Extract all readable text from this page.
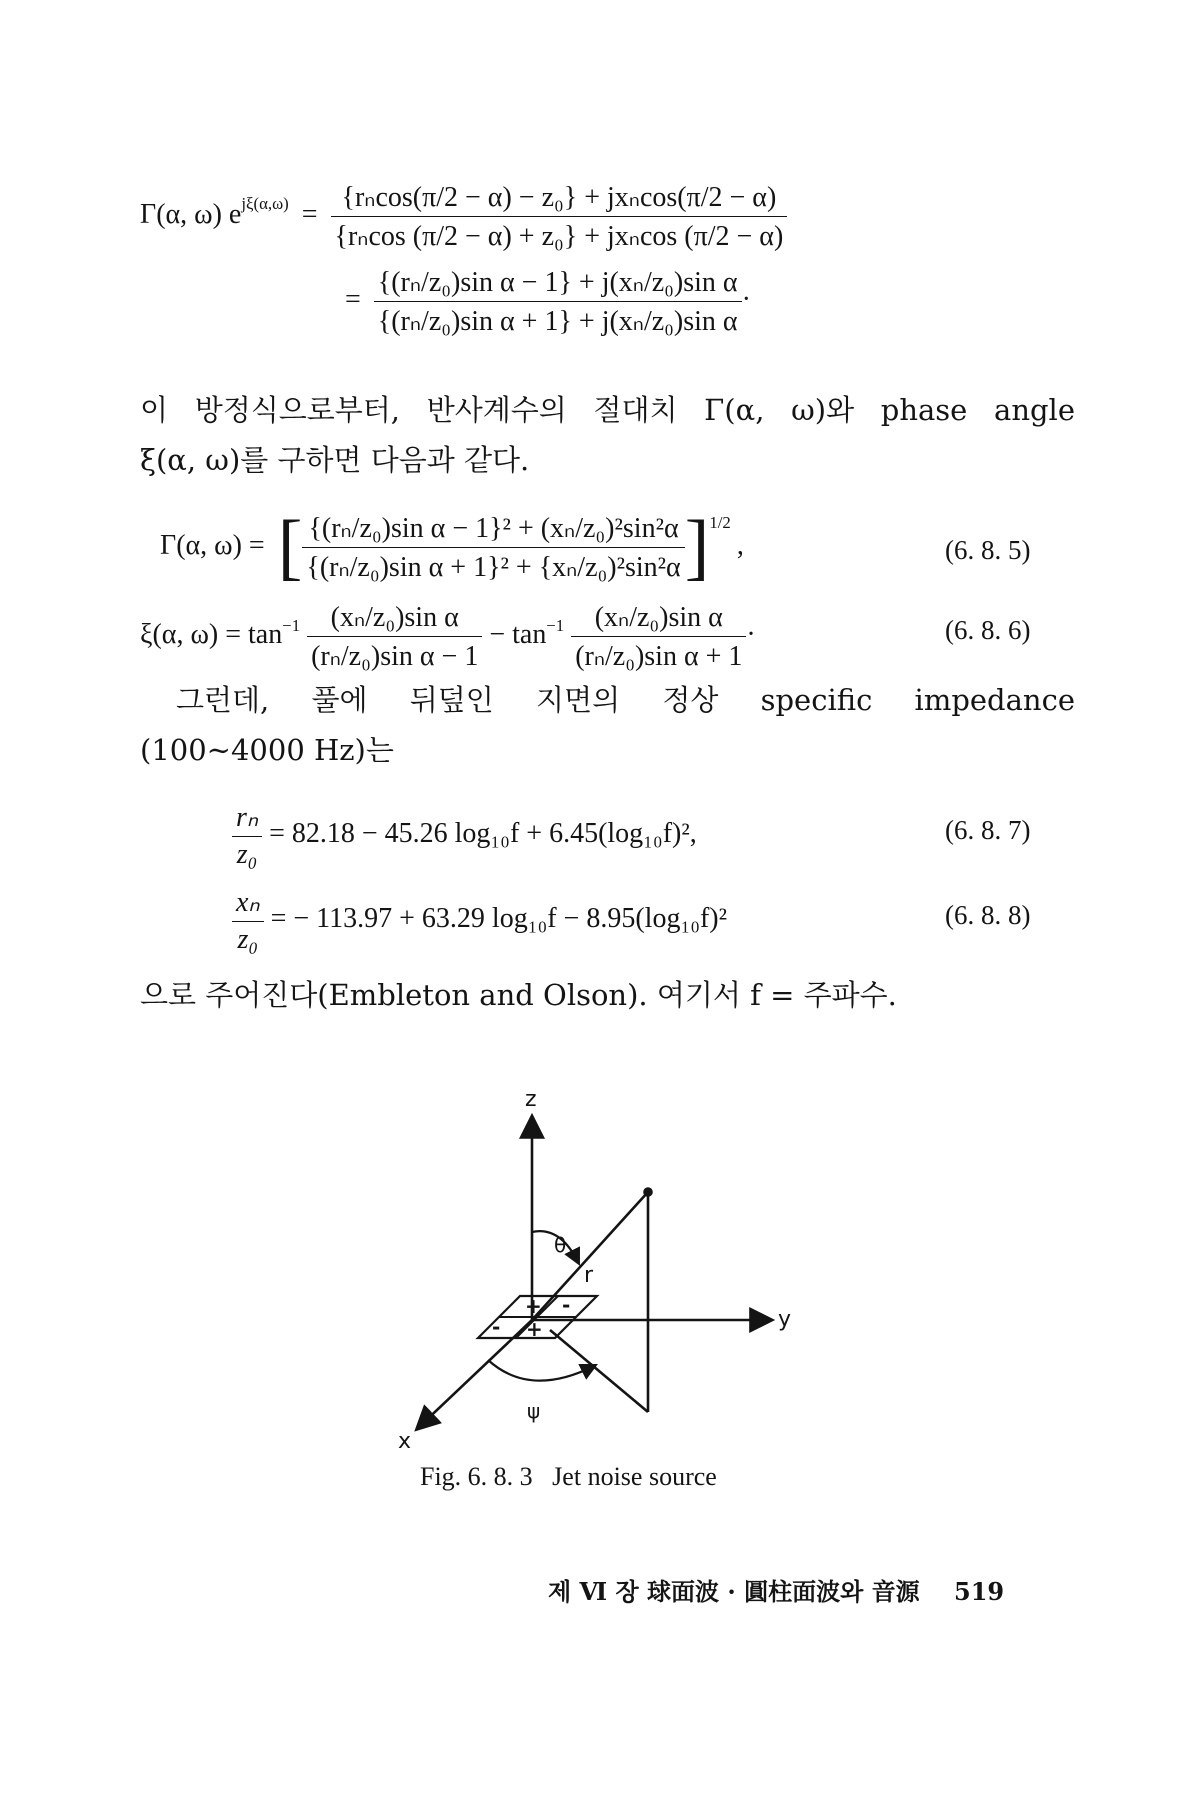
Γ(α, ω) $e^{j\xi(\alpha,\omega)} = \frac{\text{\{rₙcos(π/2 − α) − z₀\} + jxₙcos(π/2 − α)}}{\text{\{rₙcos (π/2 − α) + z₀\} + jxₙcos (π/2 − α)}}$
= $\frac{\text{\{(rₙ/z₀)sin α − 1\} + j(xₙ/z₀)sin α}}{\text{\{(rₙ/z₀)sin α + 1\} + j(xₙ/z₀)sin α}}$ ·
이 방정식으로부터, 반사계수의 절대치 Γ(α, ω)와 phase angle
ξ(α, ω)를 구하면 다음과 같다.
Γ(α, ω) = [ $\frac{\text{\{(rₙ/z₀)sin α − 1\}² + (xₙ/z₀)²sin²α}}{\text{\{(rₙ/z₀)sin α + 1\}² + \{xₙ/z₀)²sin²α}} ]^{1/2}$,	(6. 8. 5)
ξ(α, $\omega) = \tan^{-1} \frac{\text{(xₙ/z₀)sin α}}{\text{(rₙ/z₀)sin α − 1}} - \tan^{-1} \frac{\text{(xₙ/z₀)sin α}}{\text{(rₙ/z₀)sin α + 1}}$ ·	(6. 8. 6)
그런데, 풀에 뒤덮인 지면의 정상 specific impedance
(100∼4000 Hz)는
$\frac{\text{rₙ}}{\text{z₀}} = 82.18 - 45.26$ log₁₀f + 6.45(log₁₀f)²,	(6. 8. 7)
$\frac{\text{xₙ}}{\text{z₀}}$ = − 113.97 + 63.29 log₁₀f − 8.95(log₁₀f)²	(6. 8. 8)
으로 주어진다(Embleton and Olson). 여기서 f = 주파수.
z
y
x
θ
r
ψ
+ -
- +
Fig. 6. 8. 3   Jet noise source
제 Ⅵ 장 球面波 · 圓柱面波와 音源 519
